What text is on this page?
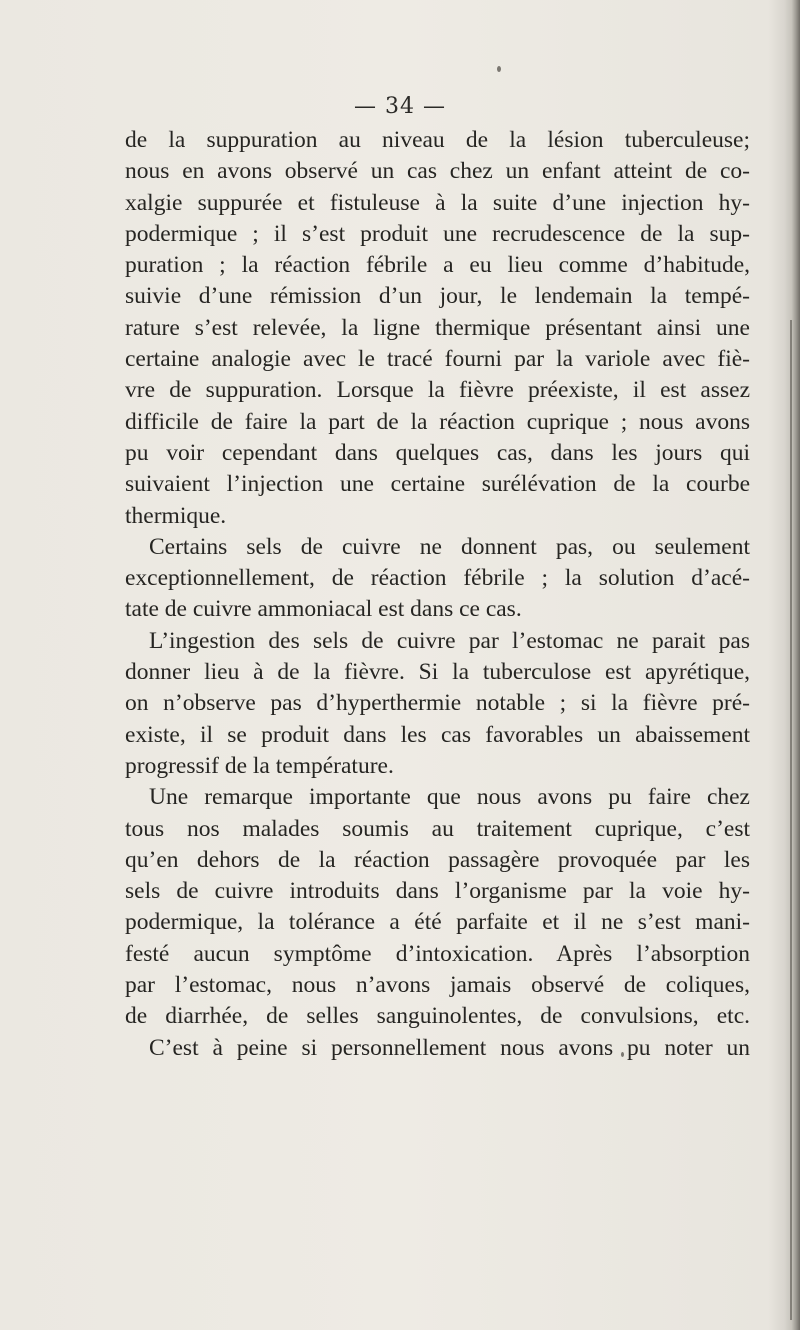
— 34 —
de la suppuration au niveau de la lésion tuberculeuse;
nous en avons observé un cas chez un enfant atteint de co-
xalgie suppurée et fistuleuse à la suite d’une injection hy-
podermique ; il s’est produit une recrudescence de la sup-
puration ; la réaction fébrile a eu lieu comme d’habitude,
suivie d’une rémission d’un jour, le lendemain la tempé-
rature s’est relevée, la ligne thermique présentant ainsi une
certaine analogie avec le tracé fourni par la variole avec fiè-
vre de suppuration. Lorsque la fièvre préexiste, il est assez
difficile de faire la part de la réaction cuprique ; nous avons
pu voir cependant dans quelques cas, dans les jours qui
suivaient l’injection une certaine surélévation de la courbe
thermique.
Certains sels de cuivre ne donnent pas, ou seulement
exceptionnellement, de réaction fébrile ; la solution d’acé-
tate de cuivre ammoniacal est dans ce cas.
L’ingestion des sels de cuivre par l’estomac ne parait pas
donner lieu à de la fièvre. Si la tuberculose est apyrétique,
on n’observe pas d’hyperthermie notable ; si la fièvre pré-
existe, il se produit dans les cas favorables un abaissement
progressif de la température.
Une remarque importante que nous avons pu faire chez
tous nos malades soumis au traitement cuprique, c’est
qu’en dehors de la réaction passagère provoquée par les
sels de cuivre introduits dans l’organisme par la voie hy-
podermique, la tolérance a été parfaite et il ne s’est mani-
festé aucun symptôme d’intoxication. Après l’absorption
par l’estomac, nous n’avons jamais observé de coliques,
de diarrhée, de selles sanguinolentes, de convulsions, etc.
C’est à peine si personnellement nous avons pu noter un
